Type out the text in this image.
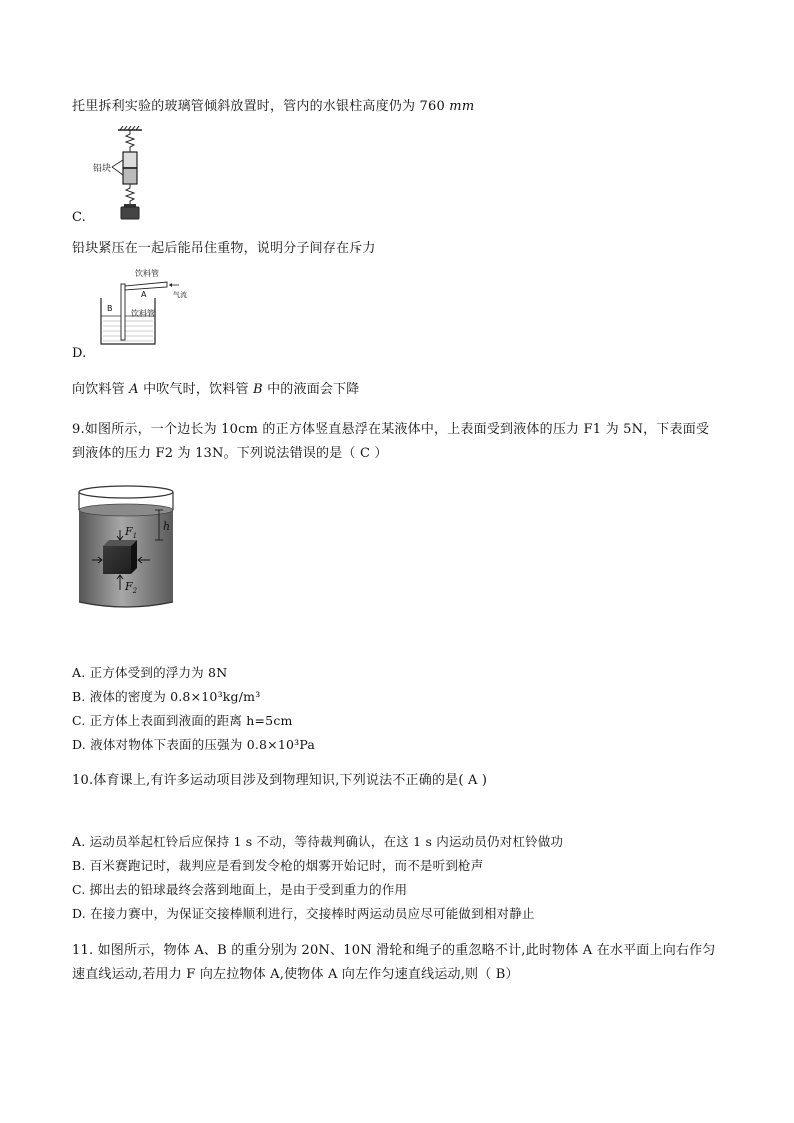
托里拆利实验的玻璃管倾斜放置时，管内的水银柱高度仍为 760 mm

铅块

C.

铅块紧压在一起后能吊住重物，说明分子间存在斥力

饮料管
A	气流
B
饮料管

D.

向饮料管 A 中吹气时，饮料管 B 中的液面会下降

9.如图所示，一个边长为 10cm 的正方体竖直悬浮在某液体中，上表面受到液体的压力 F1 为 5N，下表面受

到液体的压力 F2 为 13N。下列说法错误的是（ C ）

$F_1$
$F_2$
h

A. 正方体受到的浮力为 8N

B. 液体的密度为 0.8×10³kg/m³

C. 正方体上表面到液面的距离 h=5cm

D. 液体对物体下表面的压强为 0.8×10³Pa

10.体育课上,有许多运动项目涉及到物理知识,下列说法不正确的是( A )

A. 运动员举起杠铃后应保持 1 s 不动，等待裁判确认，在这 1 s 内运动员仍对杠铃做功

B. 百米赛跑记时，裁判应是看到发令枪的烟雾开始记时，而不是听到枪声

C. 掷出去的铅球最终会落到地面上，是由于受到重力的作用

D. 在接力赛中，为保证交接棒顺利进行，交接棒时两运动员应尽可能做到相对静止

11. 如图所示，物体 A、B 的重分别为 20N、10N 滑轮和绳子的重忽略不计,此时物体 A 在水平面上向右作匀

速直线运动,若用力 F 向左拉物体 A,使物体 A 向左作匀速直线运动,则（ B）
